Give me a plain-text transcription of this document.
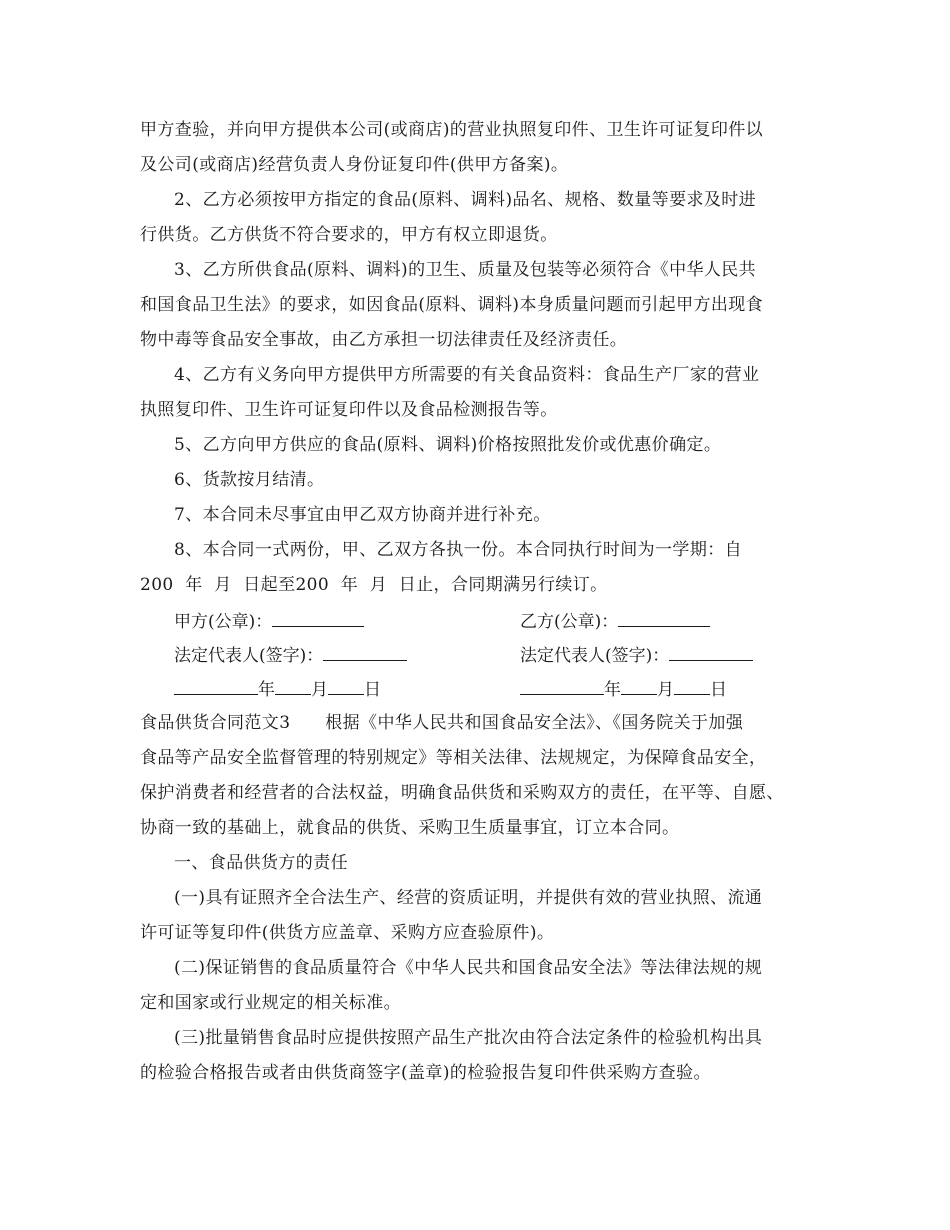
甲方查验，并向甲方提供本公司(或商店)的营业执照复印件、卫生许可证复印件以
及公司(或商店)经营负责人身份证复印件(供甲方备案)。
2、乙方必须按甲方指定的食品(原料、调料)品名、规格、数量等要求及时进
行供货。乙方供货不符合要求的，甲方有权立即退货。
3、乙方所供食品(原料、调料)的卫生、质量及包装等必须符合《中华人民共
和国食品卫生法》的要求，如因食品(原料、调料)本身质量问题而引起甲方出现食
物中毒等食品安全事故，由乙方承担一切法律责任及经济责任。
4、乙方有义务向甲方提供甲方所需要的有关食品资料：食品生产厂家的营业
执照复印件、卫生许可证复印件以及食品检测报告等。
5、乙方向甲方供应的食品(原料、调料)价格按照批发价或优惠价确定。
6、货款按月结清。
7、本合同未尽事宜由甲乙双方协商并进行补充。
8、本合同一式两份，甲、乙双方各执一份。本合同执行时间为一学期：自
200  年  月  日起至200  年  月  日止，合同期满另行续订。
甲方(公章)：	乙方(公章)：
法定代表人(签字)：	法定代表人(签字)：
年 月 日	年 月 日
食品供货合同范文3      根据《中华人民共和国食品安全法》、《国务院关于加强
食品等产品安全监督管理的特别规定》等相关法律、法规规定，为保障食品安全，
保护消费者和经营者的合法权益，明确食品供货和采购双方的责任，在平等、自愿、
协商一致的基础上，就食品的供货、采购卫生质量事宜，订立本合同。
一、食品供货方的责任
(一)具有证照齐全合法生产、经营的资质证明，并提供有效的营业执照、流通
许可证等复印件(供货方应盖章、采购方应查验原件)。
(二)保证销售的食品质量符合《中华人民共和国食品安全法》等法律法规的规
定和国家或行业规定的相关标准。
(三)批量销售食品时应提供按照产品生产批次由符合法定条件的检验机构出具
的检验合格报告或者由供货商签字(盖章)的检验报告复印件供采购方查验。
